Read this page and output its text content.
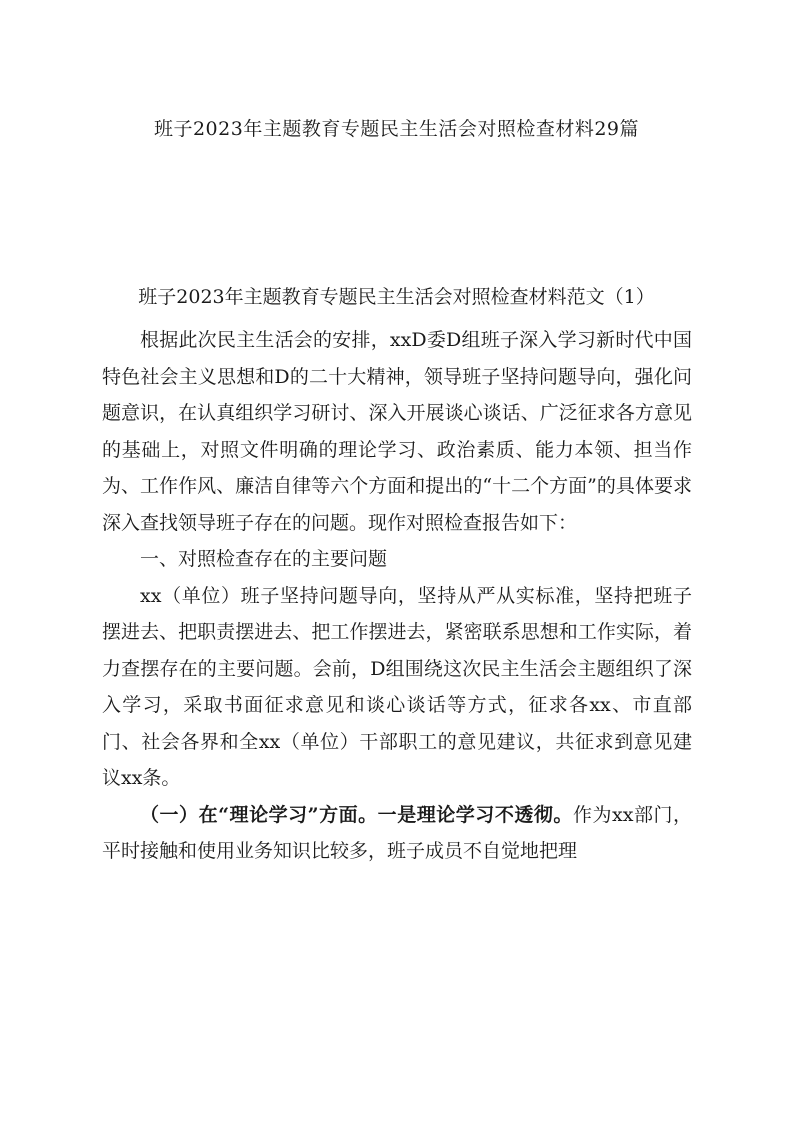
班子2023年主题教育专题民主生活会对照检查材料29篇
班子2023年主题教育专题民主生活会对照检查材料范文（1）

根据此次民主生活会的安排，xxD委D组班子深入学习新时代中国特色社会主义思想和D的二十大精神，领导班子坚持问题导向，强化问题意识，在认真组织学习研讨、深入开展谈心谈话、广泛征求各方意见的基础上，对照文件明确的理论学习、政治素质、能力本领、担当作为、工作作风、廉洁自律等六个方面和提出的“十二个方面”的具体要求深入查找领导班子存在的问题。现作对照检查报告如下：

一、对照检查存在的主要问题

xx（单位）班子坚持问题导向，坚持从严从实标准，坚持把班子摆进去、把职责摆进去、把工作摆进去，紧密联系思想和工作实际，着力查摆存在的主要问题。会前，D组围绕这次民主生活会主题组织了深入学习，采取书面征求意见和谈心谈话等方式，征求各xx、市直部门、社会各界和全xx（单位）干部职工的意见建议，共征求到意见建议xx条。

（一）在“理论学习”方面。一是理论学习不透彻。作为xx部门，平时接触和使用业务知识比较多，班子成员不自觉地把理
